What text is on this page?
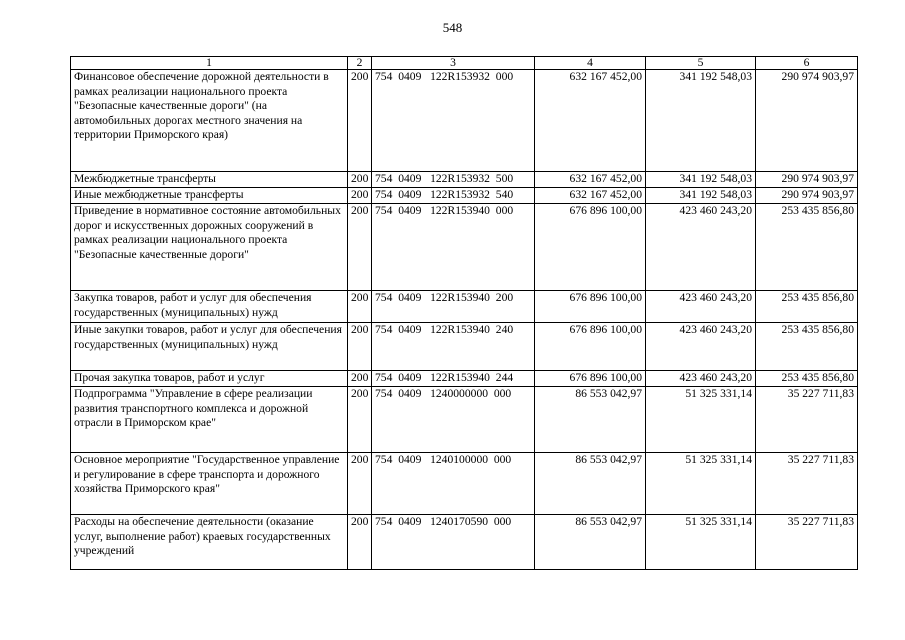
548
1	2	3	4	5	6
Финансовое обеспечение дорожной деятельности в рамках реализации национального проекта "Безопасные качественные дороги" (на автомобильных дорогах местного значения на территории Приморского края)	200	754  0409   122R153932  000	632 167 452,00	341 192 548,03	290 974 903,97
Межбюджетные трансферты	200	754  0409   122R153932  500	632 167 452,00	341 192 548,03	290 974 903,97
Иные межбюджетные трансферты	200	754  0409   122R153932  540	632 167 452,00	341 192 548,03	290 974 903,97
Приведение в нормативное состояние автомобильных дорог и искусственных дорожных сооружений в рамках реализации национального проекта "Безопасные качественные дороги"	200	754  0409   122R153940  000	676 896 100,00	423 460 243,20	253 435 856,80
Закупка товаров, работ и услуг для обеспечения государственных (муниципальных) нужд	200	754  0409   122R153940  200	676 896 100,00	423 460 243,20	253 435 856,80
Иные закупки товаров, работ и услуг для обеспечения государственных (муниципальных) нужд	200	754  0409   122R153940  240	676 896 100,00	423 460 243,20	253 435 856,80
Прочая закупка товаров, работ и услуг	200	754  0409   122R153940  244	676 896 100,00	423 460 243,20	253 435 856,80
Подпрограмма "Управление в сфере реализации развития транспортного комплекса и дорожной отрасли в Приморском крае"	200	754  0409   1240000000  000	86 553 042,97	51 325 331,14	35 227 711,83
Основное мероприятие "Государственное управление и регулирование в сфере транспорта и дорожного хозяйства Приморского края"	200	754  0409   1240100000  000	86 553 042,97	51 325 331,14	35 227 711,83
Расходы на обеспечение деятельности (оказание услуг, выполнение работ) краевых государственных учреждений	200	754  0409   1240170590  000	86 553 042,97	51 325 331,14	35 227 711,83
